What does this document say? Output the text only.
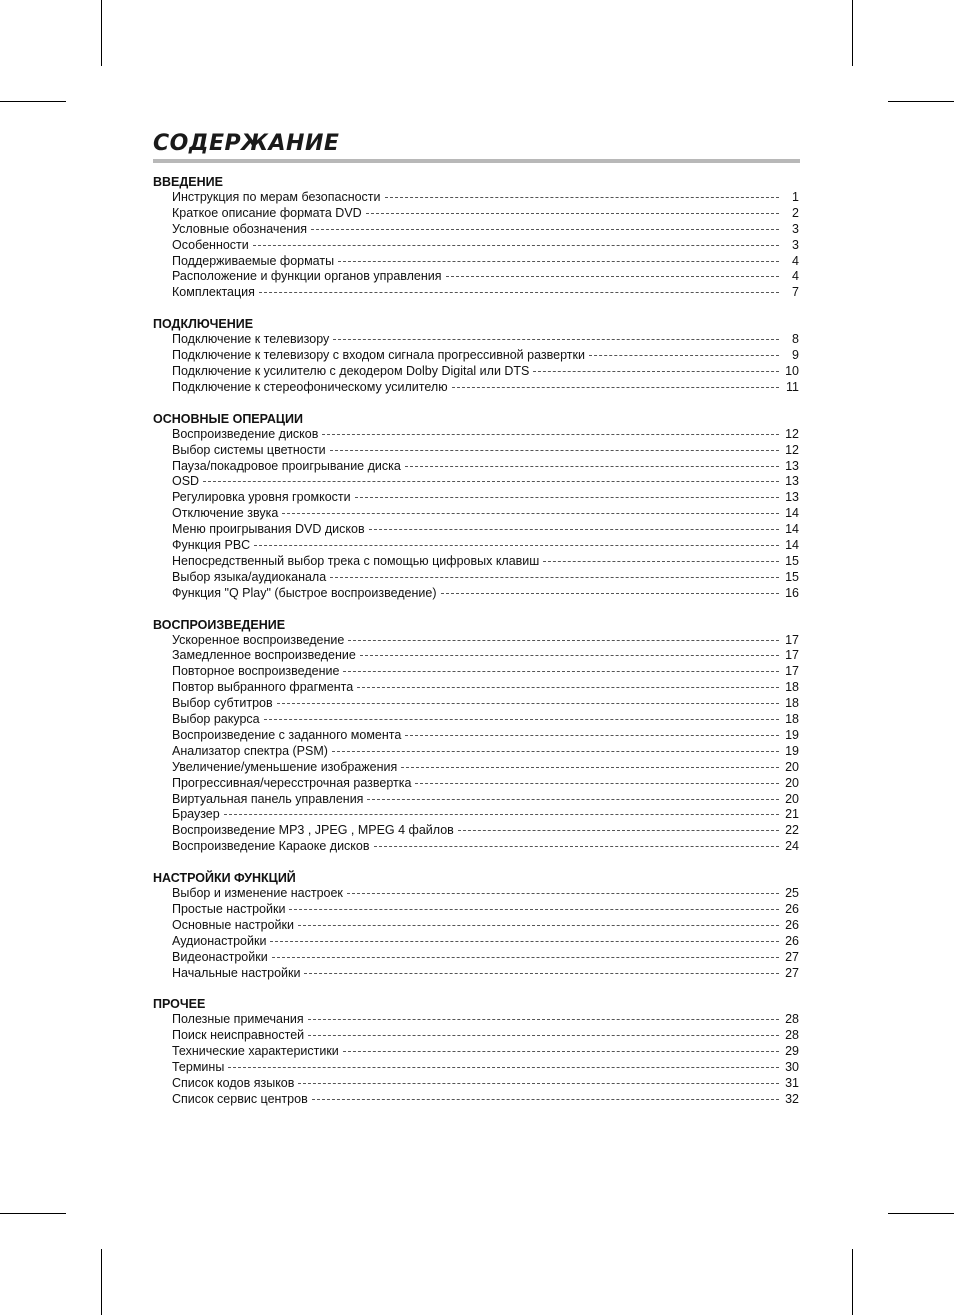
СОДЕРЖАНИЕ
ВВЕДЕНИЕ
Инструкция по мерам безопасности	1
Краткое описание формата DVD	2
Условные обозначения	3
Особенности	3
Поддерживаемые форматы	4
Расположение и функции органов управления	4
Комплектация	7
ПОДКЛЮЧЕНИЕ
Подключение к телевизору	8
Подключение к телевизору с входом сигнала прогрессивной развертки	9
Подключение к усилителю с декодером Dolby Digital или DTS	10
Подключение к стереофоническому усилителю	11
ОСНОВНЫЕ ОПЕРАЦИИ
Воспроизведение дисков	12
Выбор системы цветности	12
Пауза/покадровое проигрывание диска	13
OSD	13
Регулировка уровня громкости	13
Отключение звука	14
Меню проигрывания DVD дисков	14
Функция PBC	14
Непосредственный выбор трека с помощью цифровых клавиш	15
Выбор языка/аудиоканала	15
Функция "Q Play" (быстрое воспроизведение)	16
ВОСПРОИЗВЕДЕНИЕ
Ускоренное воспроизведение	17
Замедленное воспроизведение	17
Повторное воспроизведение	17
Повтор выбранного фрагмента	18
Выбор субтитров	18
Выбор ракурса	18
Воспроизведение с заданного момента	19
Анализатор спектра (PSM)	19
Увеличение/уменьшение изображения	20
Прогрессивная/чересстрочная развертка	20
Виртуальная панель управления	20
Браузер	21
Воспроизведение MP3 , JPEG , MPEG 4 файлов	22
Воспроизведение Караоке дисков	24
НАСТРОЙКИ ФУНКЦИЙ
Выбор и изменение настроек	25
Простые настройки	26
Основные настройки	26
Аудионастройки	26
Видеонастройки	27
Начальные настройки	27
ПРОЧЕЕ
Полезные примечания	28
Поиск неисправностей	28
Технические характеристики	29
Термины	30
Список кодов языков	31
Список сервис центров	32
